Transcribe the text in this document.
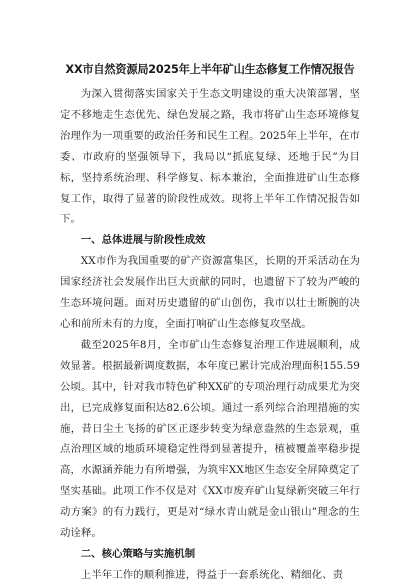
XX市自然资源局2025年上半年矿山生态修复工作情况报告

为深入贯彻落实国家关于生态文明建设的重大决策部署，坚定不移地走生态优先、绿色发展之路，我市将矿山生态环境修复治理作为一项重要的政治任务和民生工程。2025年上半年，在市委、市政府的坚强领导下，我局以“抓底复绿、还地于民”为目标，坚持系统治理、科学修复、标本兼治，全面推进矿山生态修复工作，取得了显著的阶段性成效。现将上半年工作情况报告如下。

一、总体进展与阶段性成效

XX市作为我国重要的矿产资源富集区，长期的开采活动在为国家经济社会发展作出巨大贡献的同时，也遗留下了较为严峻的生态环境问题。面对历史遗留的矿山创伤，我市以壮士断腕的决心和前所未有的力度，全面打响矿山生态修复攻坚战。

截至2025年8月，全市矿山生态修复治理工作进展顺利，成效显著。根据最新调度数据，本年度已累计完成治理面积155.59公顷。其中，针对我市特色矿种XX矿的专项治理行动成果尤为突出，已完成修复面积达82.6公顷。通过一系列综合治理措施的实施，昔日尘土飞扬的矿区正逐步转变为绿意盎然的生态景观，重点治理区域的地质环境稳定性得到显著提升，植被覆盖率稳步提高，水源涵养能力有所增强，为筑牢XX地区生态安全屏障奠定了坚实基础。此项工作不仅是对《XX市废弃矿山复绿新突破三年行动方案》的有力践行，更是对“绿水青山就是金山银山”理念的生动诠释。

二、核心策略与实施机制

上半年工作的顺利推进，得益于一套系统化、精细化、责
